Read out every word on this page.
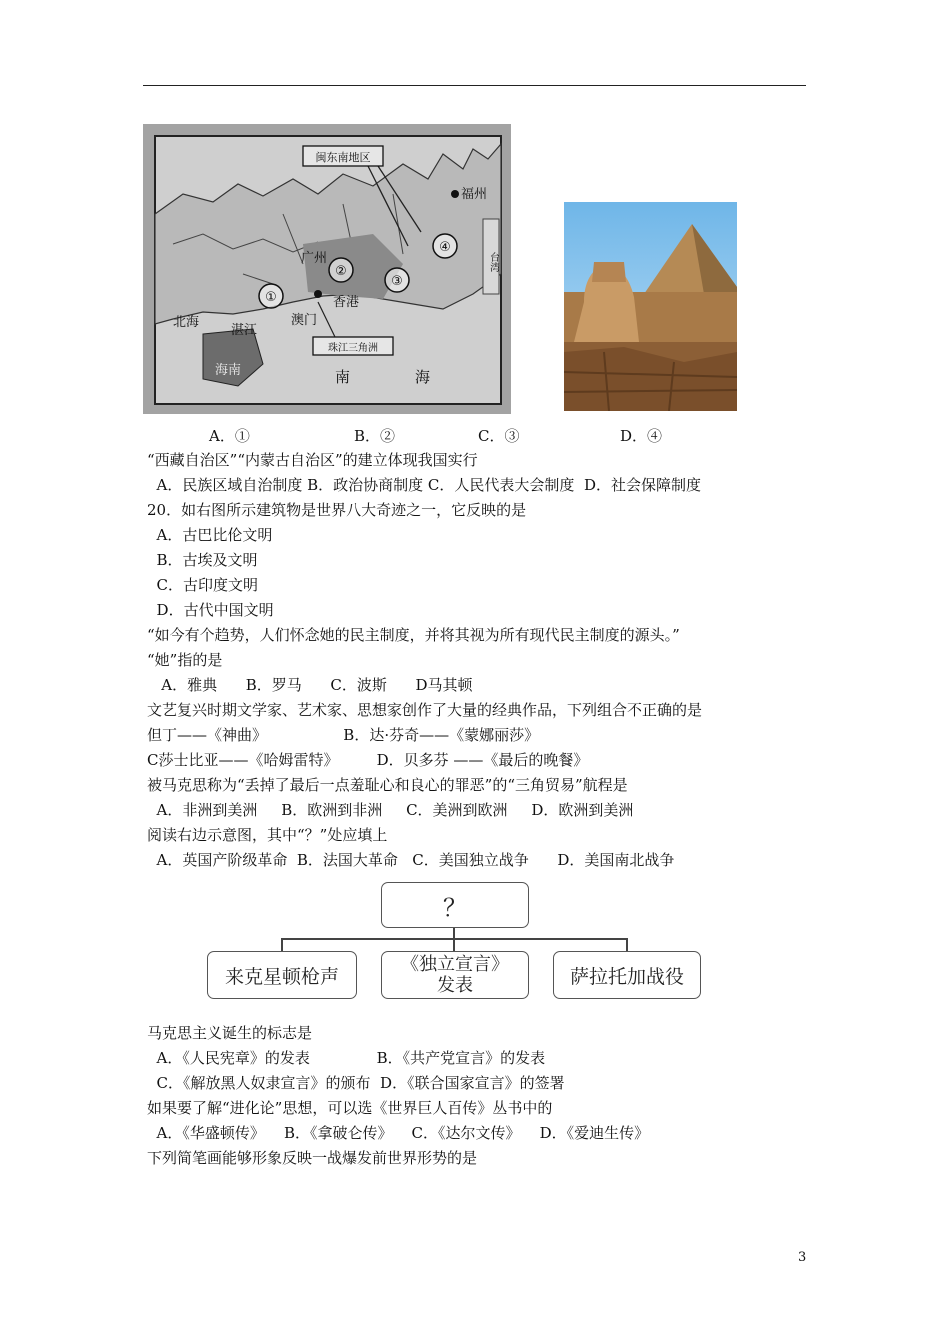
闽东南地区
福州
台湾
广州
香港
澳门
北海
湛江
海南
珠江三角洲
南	海
①
②
③
④
A．①	B．②	C．③	D．④
“西藏自治区”“内蒙古自治区”的建立体现我国实行
A．民族区域自治制度 B．政治协商制度 C．人民代表大会制度  D．社会保障制度
20．如右图所示建筑物是世界八大奇迹之一，它反映的是
A．古巴比伦文明
B．古埃及文明
C．古印度文明
D．古代中国文明
“如今有个趋势，人们怀念她的民主制度，并将其视为所有现代民主制度的源头。”
“她”指的是
A．雅典      B．罗马      C．波斯      D马其顿
文艺复兴时期文学家、艺术家、思想家创作了大量的经典作品，下列组合不正确的是
但丁——《神曲》                B．达·芬奇——《蒙娜丽莎》
C莎士比亚——《哈姆雷特》        D．贝多芬 ——《最后的晚餐》
被马克思称为“丢掉了最后一点羞耻心和良心的罪恶”的“三角贸易”航程是
A．非洲到美洲     B．欧洲到非洲     C．美洲到欧洲     D．欧洲到美洲
阅读右边示意图，其中“？”处应填上
A．英国产阶级革命  B．法国大革命   C．美国独立战争      D．美国南北战争
？
来克星顿枪声
《独立宣言》
发表	萨拉托加战役
马克思主义诞生的标志是
A．《人民宪章》的发表              B．《共产党宣言》的发表
C．《解放黑人奴隶宣言》的颁布  D．《联合国家宣言》的签署
如果要了解“进化论”思想，可以选《世界巨人百传》丛书中的
A．《华盛顿传》    B．《拿破仑传》    C．《达尔文传》    D．《爱迪生传》
下列简笔画能够形象反映一战爆发前世界形势的是
3
